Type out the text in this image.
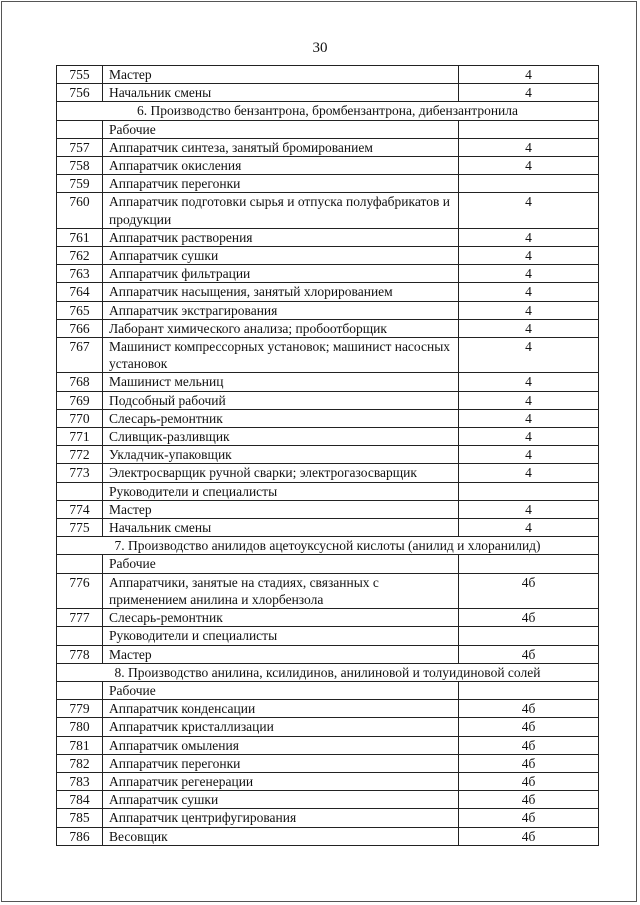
30
755	Мастер	4
756	Начальник смены	4
6. Производство бензантрона, бромбензантрона, дибензантронила		
	Рабочие	
757	Аппаратчик синтеза, занятый бромированием	4
758	Аппаратчик окисления	4
759	Аппаратчик перегонки	
760	Аппаратчик подготовки сырья и отпуска полуфабрикатов и продукции	4
761	Аппаратчик растворения	4
762	Аппаратчик сушки	4
763	Аппаратчик фильтрации	4
764	Аппаратчик насыщения, занятый хлорированием	4
765	Аппаратчик экстрагирования	4
766	Лаборант химического анализа; пробоотборщик	4
767	Машинист компрессорных установок; машинист насосных установок	4
768	Машинист мельниц	4
769	Подсобный рабочий	4
770	Слесарь-ремонтник	4
771	Сливщик-разливщик	4
772	Укладчик-упаковщик	4
773	Электросварщик ручной сварки; электрогазосварщик	4
	Руководители и специалисты	
774	Мастер	4
775	Начальник смены	4
7. Производство анилидов ацетоуксусной кислоты (анилид и хлоранилид)		
	Рабочие	
776	Аппаратчики, занятые на стадиях, связанных с применением анилина и хлорбензола	4б
777	Слесарь-ремонтник	4б
	Руководители и специалисты	
778	Мастер	4б
8. Производство анилина, ксилидинов, анилиновой и толуидиновой солей		
	Рабочие	
779	Аппаратчик конденсации	4б
780	Аппаратчик кристаллизации	4б
781	Аппаратчик омыления	4б
782	Аппаратчик перегонки	4б
783	Аппаратчик регенерации	4б
784	Аппаратчик сушки	4б
785	Аппаратчик центрифугирования	4б
786	Весовщик	4б
